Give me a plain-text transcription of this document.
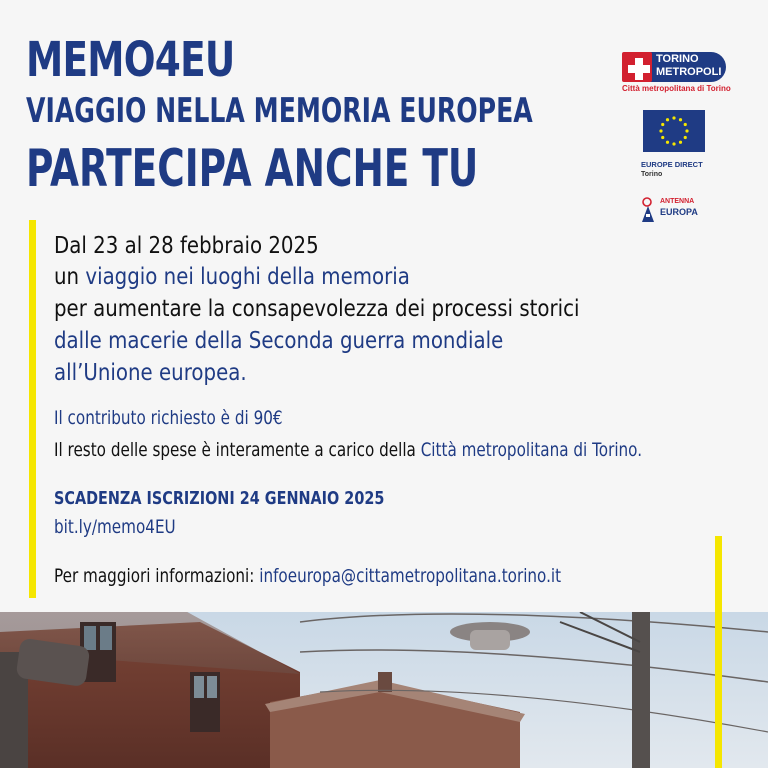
MEMO4EU
VIAGGIO NELLA MEMORIA EUROPEA
PARTECIPA ANCHE TU
TORINO
METROPOLI
Città metropolitana di Torino
EUROPE DIRECT
Torino
ANTENNA
EUROPA
Dal 23 al 28 febbraio 2025
un viaggio nei luoghi della memoria
per aumentare la consapevolezza dei processi storici
dalle macerie della Seconda guerra mondiale
all’Unione europea.
Il contributo richiesto è di 90€
Il resto delle spese è interamente a carico della Città metropolitana di Torino.
SCADENZA ISCRIZIONI 24 GENNAIO 2025
bit.ly/memo4EU
Per maggiori informazioni: infoeuropa@cittametropolitana.torino.it
